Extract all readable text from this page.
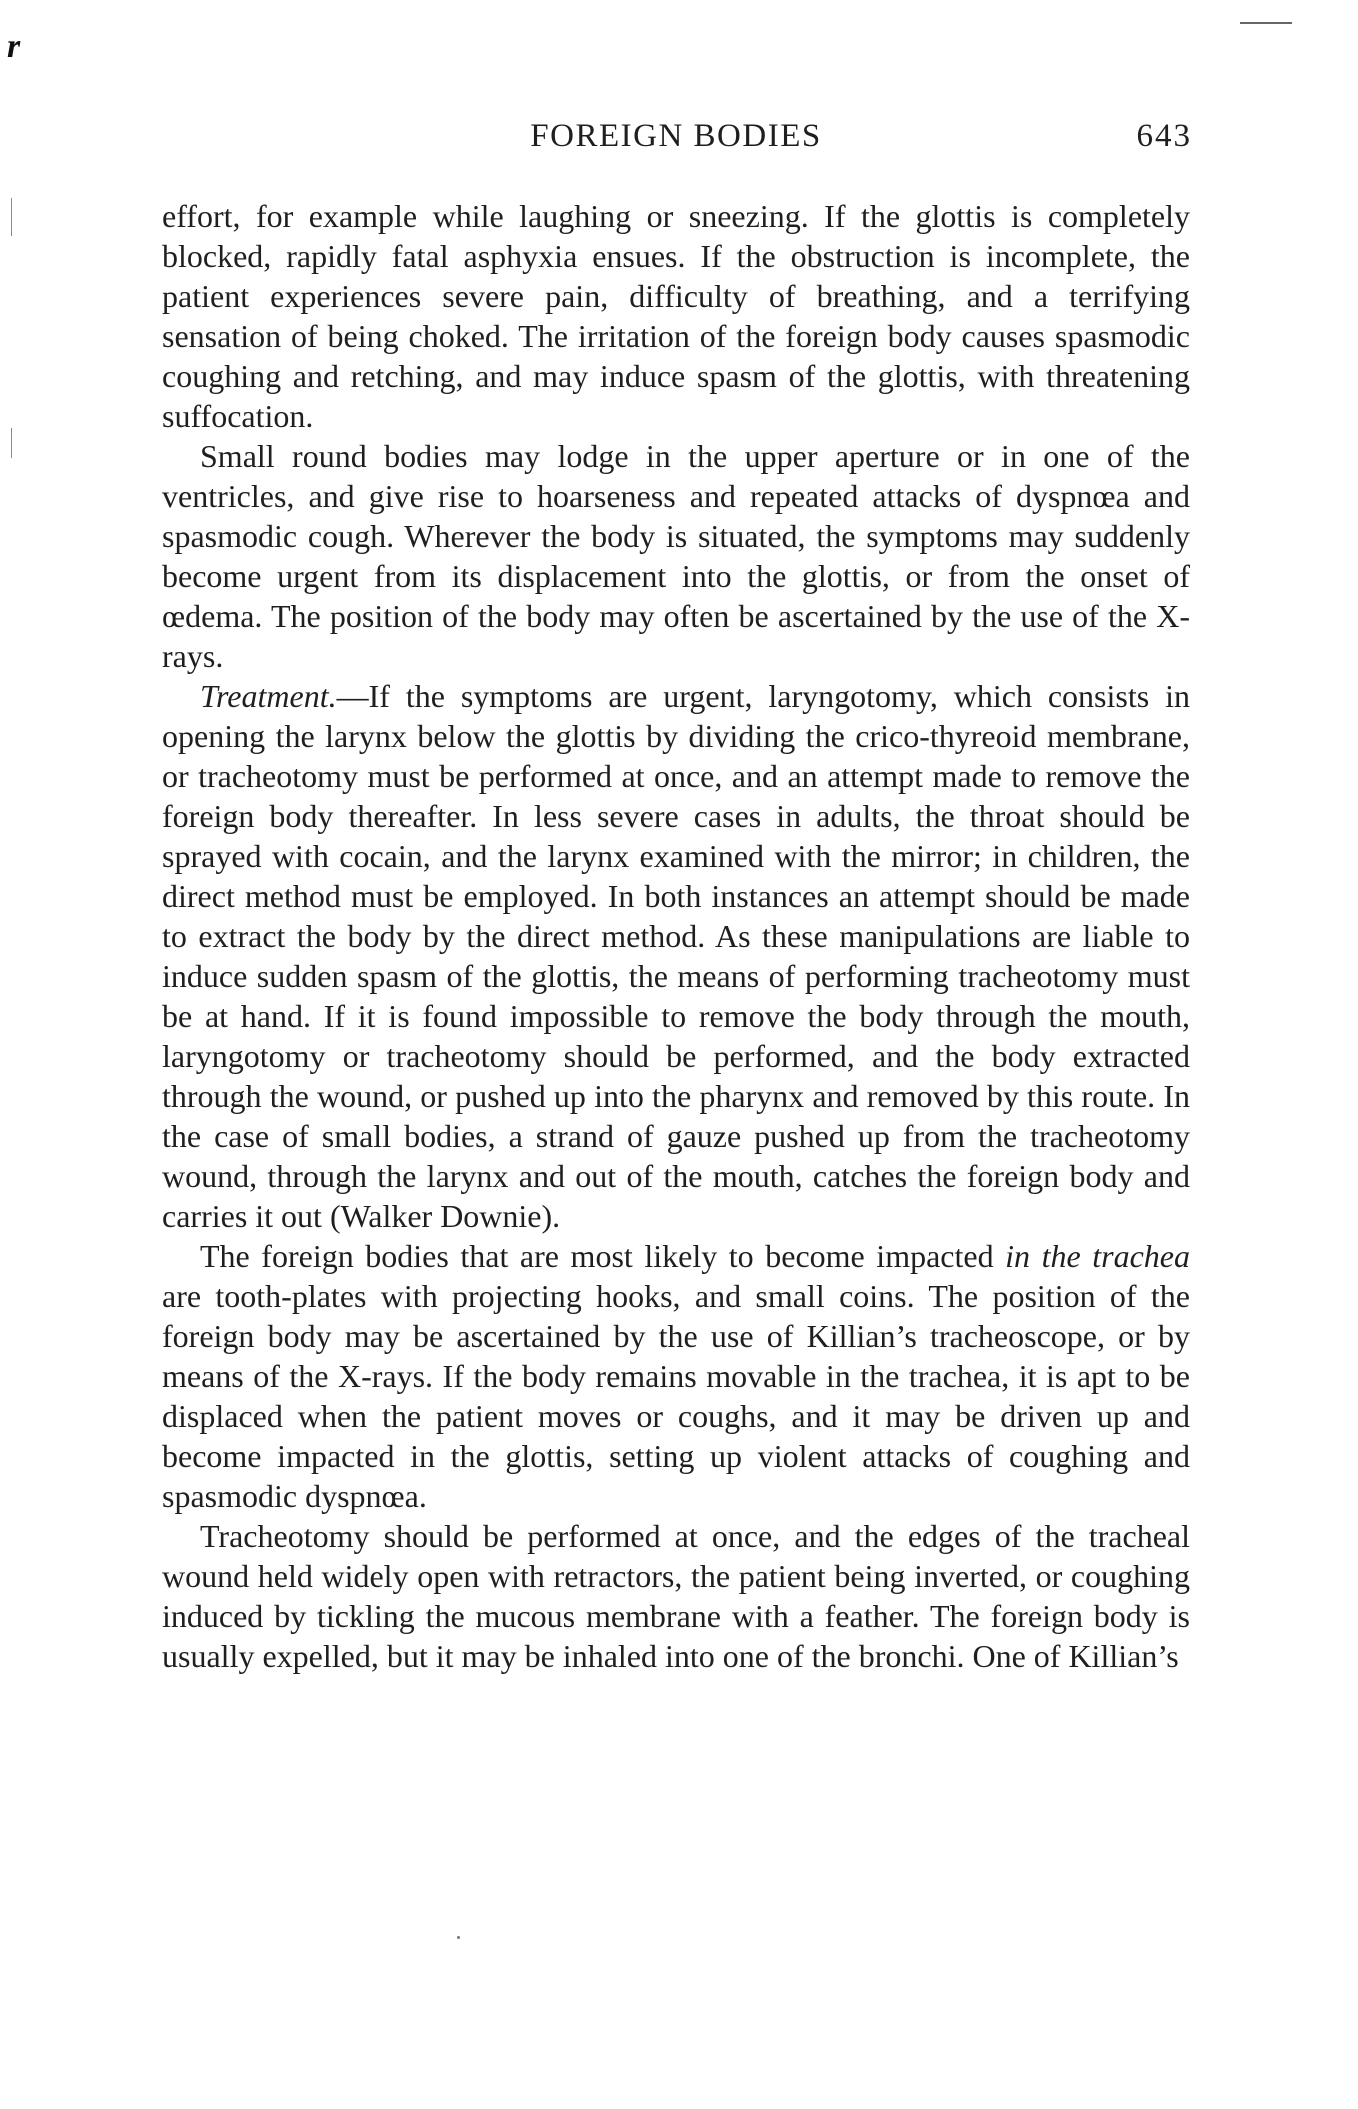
r
FOREIGN BODIES	643

effort, for example while laughing or sneezing. If the glottis is completely blocked, rapidly fatal asphyxia ensues. If the obstruction is incomplete, the patient experiences severe pain, difficulty of breathing, and a terrifying sensation of being choked. The irritation of the foreign body causes spasmodic coughing and retching, and may induce spasm of the glottis, with threatening suffocation.

Small round bodies may lodge in the upper aperture or in one of the ventricles, and give rise to hoarseness and repeated attacks of dyspnœa and spasmodic cough. Wherever the body is situated, the symptoms may suddenly become urgent from its displacement into the glottis, or from the onset of œdema. The position of the body may often be ascertained by the use of the X-rays.

Treatment.—If the symptoms are urgent, laryngotomy, which consists in opening the larynx below the glottis by dividing the crico-thyreoid membrane, or tracheotomy must be performed at once, and an attempt made to remove the foreign body thereafter. In less severe cases in adults, the throat should be sprayed with cocain, and the larynx examined with the mirror; in children, the direct method must be employed. In both instances an attempt should be made to extract the body by the direct method. As these manipulations are liable to induce sudden spasm of the glottis, the means of performing tracheotomy must be at hand. If it is found impossible to remove the body through the mouth, laryngotomy or tracheotomy should be performed, and the body extracted through the wound, or pushed up into the pharynx and removed by this route. In the case of small bodies, a strand of gauze pushed up from the tracheotomy wound, through the larynx and out of the mouth, catches the foreign body and carries it out (Walker Downie).

The foreign bodies that are most likely to become impacted in the trachea are tooth-plates with projecting hooks, and small coins. The position of the foreign body may be ascertained by the use of Killian’s tracheoscope, or by means of the X-rays. If the body remains movable in the trachea, it is apt to be displaced when the patient moves or coughs, and it may be driven up and become impacted in the glottis, setting up violent attacks of coughing and spasmodic dyspnœa.

Tracheotomy should be performed at once, and the edges of the tracheal wound held widely open with retractors, the patient being inverted, or coughing induced by tickling the mucous membrane with a feather. The foreign body is usually expelled, but it may be inhaled into one of the bronchi. One of Killian’s
